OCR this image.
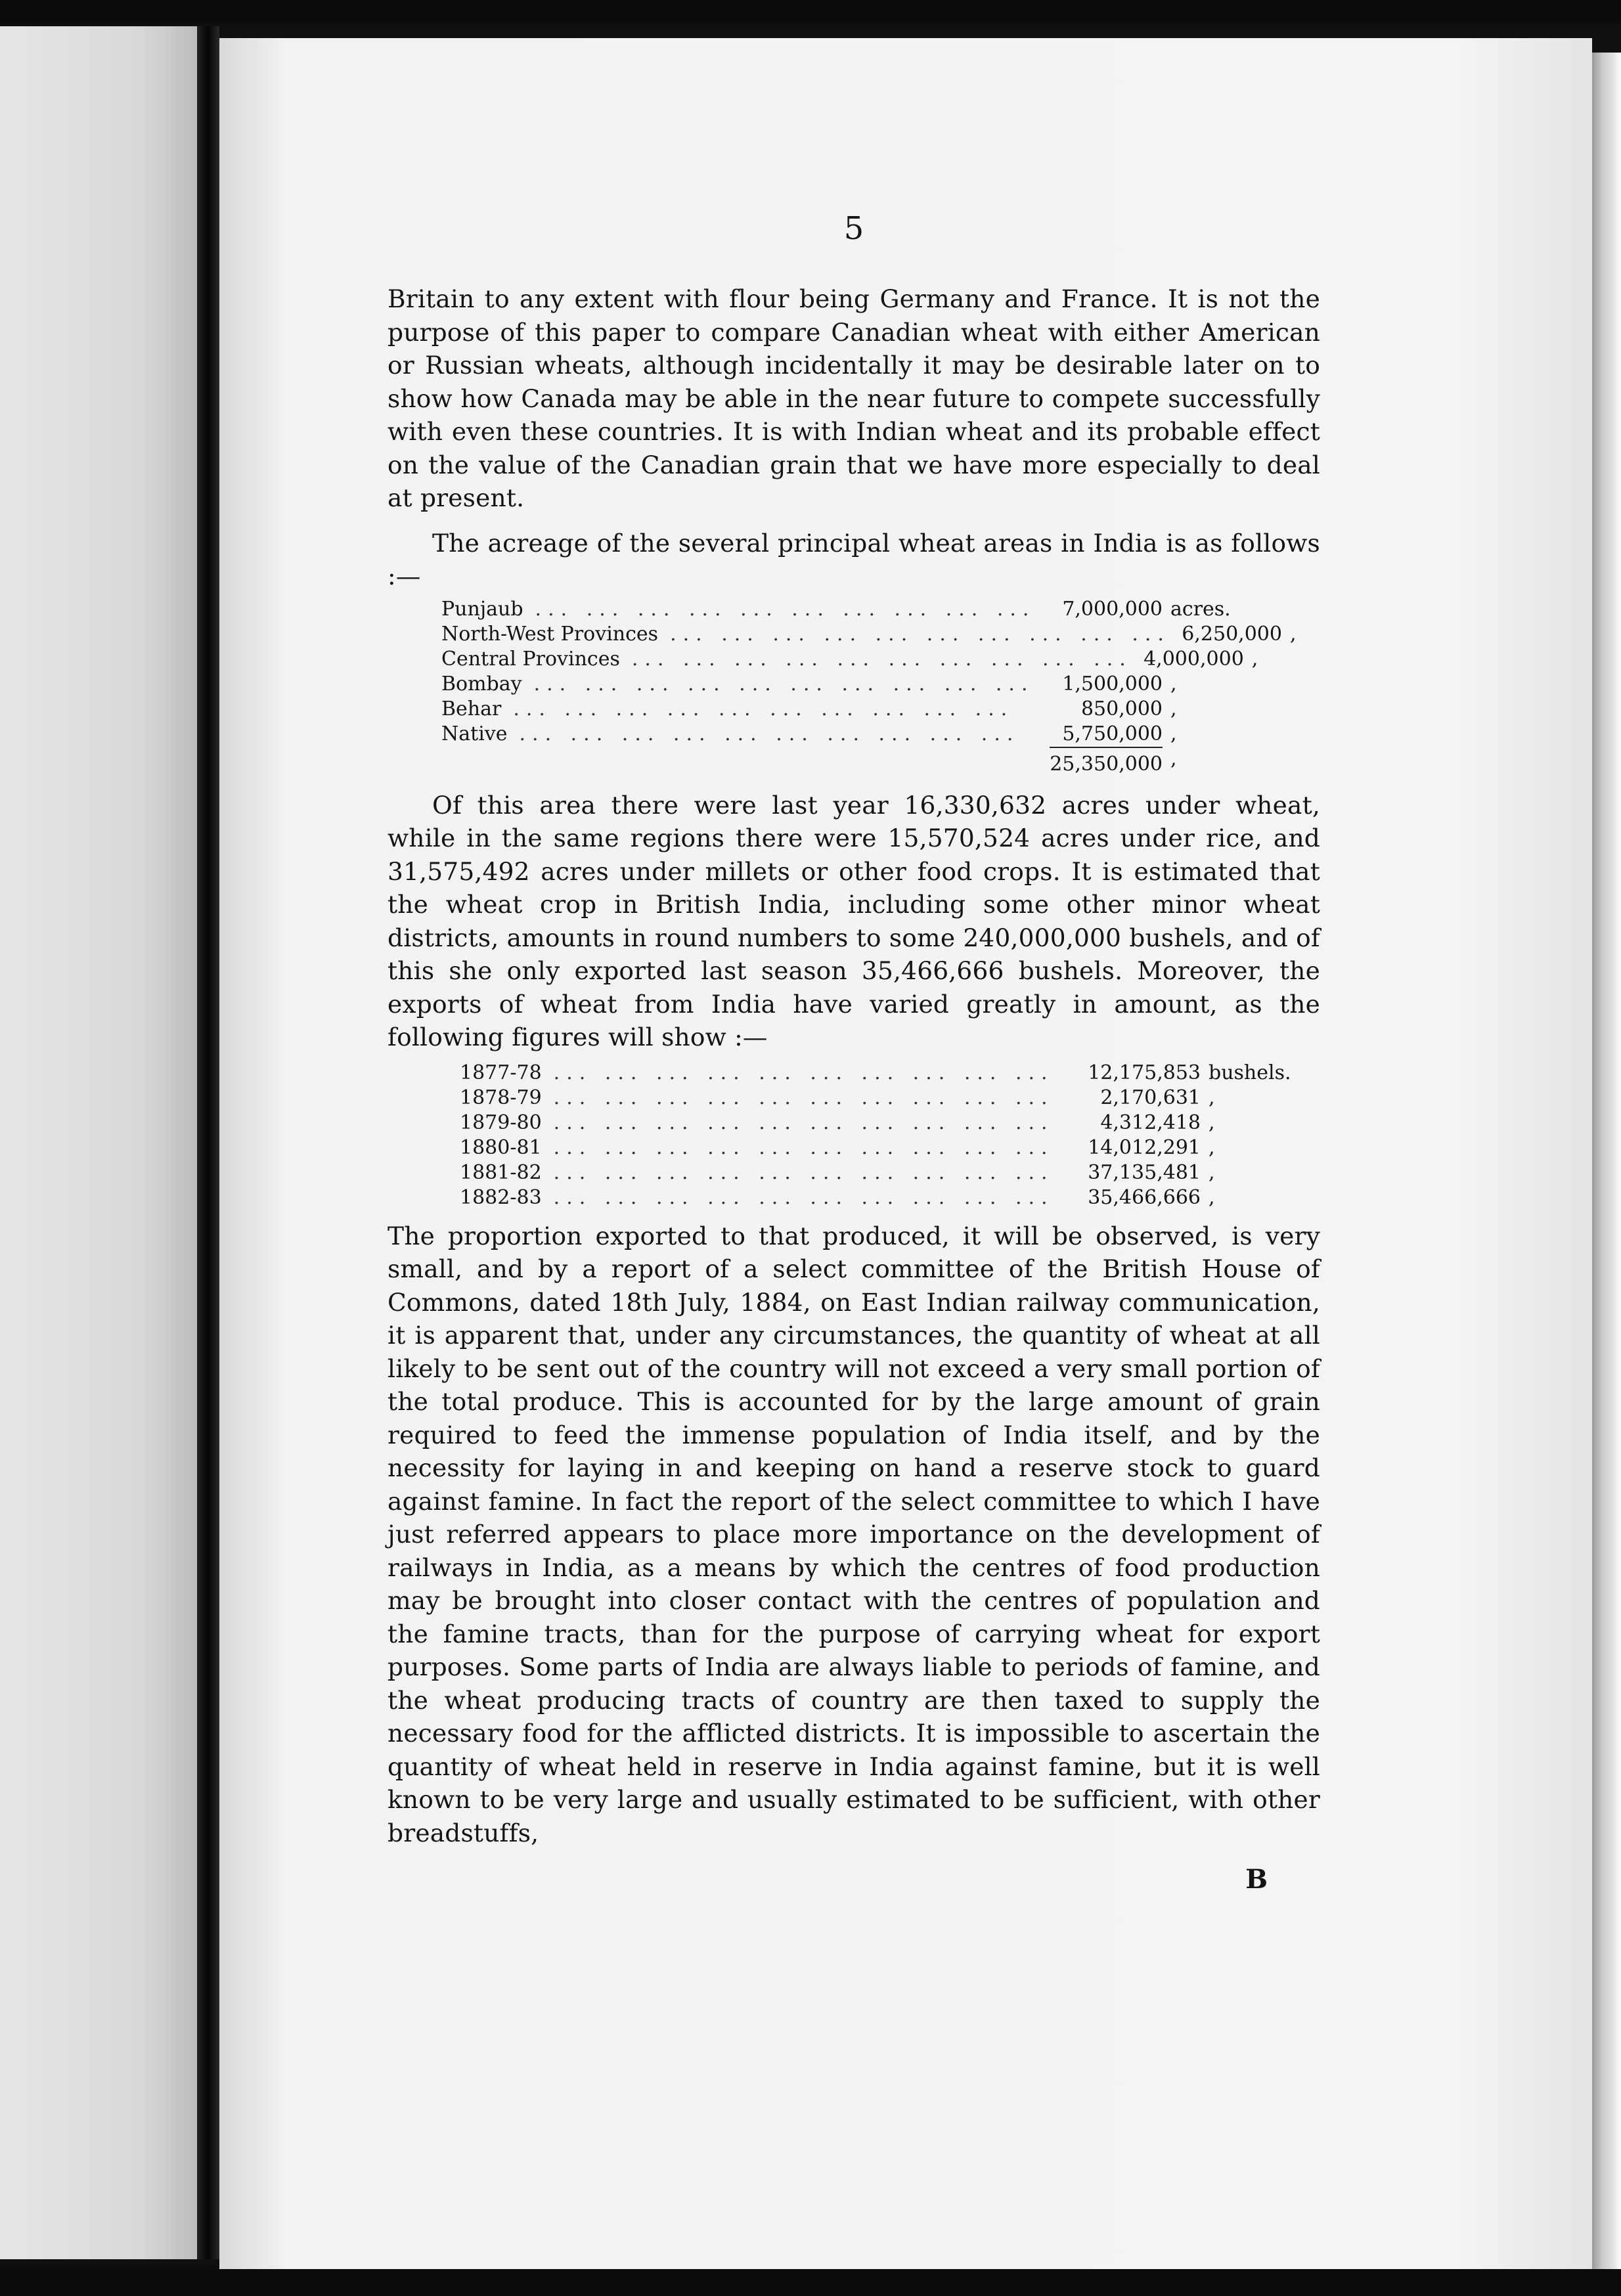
5

Britain to any extent with flour being Germany and France. It is not the purpose of this paper to compare Canadian wheat with either American or Russian wheats, although incidentally it may be desirable later on to show how Canada may be able in the near future to compete successfully with even these countries. It is with Indian wheat and its probable effect on the value of the Canadian grain that we have more especially to deal at present.

The acreage of the several principal wheat areas in India is as follows :—

Punjaub ... ... ... ... ... ... ... ... ... ...	7,000,000 acres.
North-West Provinces ... ... ... ... ... ... ... ... ... ... 6,250,000 ,
Central Provinces ... ... ... ... ... ... ... ... ... ... 4,000,000 ,
Bombay ... ... ... ... ... ... ... ... ... ...	1,500,000 ,
Behar ... ... ... ... ... ... ... ... ... ...	850,000 ,
Native ... ... ... ... ... ... ... ... ... ...	5,750,000 ,
25,350,000 ,

Of this area there were last year 16,330,632 acres under wheat, while in the same regions there were 15,570,524 acres under rice, and 31,575,492 acres under millets or other food crops. It is estimated that the wheat crop in British India, including some other minor wheat districts, amounts in round numbers to some 240,000,000 bushels, and of this she only exported last season 35,466,666 bushels. Moreover, the exports of wheat from India have varied greatly in amount, as the following figures will show :—

1877-78 ... ... ... ... ... ... ... ... ... ...	12,175,853 bushels.
1878-79 ... ... ... ... ... ... ... ... ... ...	2,170,631 ,
1879-80 ... ... ... ... ... ... ... ... ... ...	4,312,418 ,
1880-81 ... ... ... ... ... ... ... ... ... ...	14,012,291 ,
1881-82 ... ... ... ... ... ... ... ... ... ...	37,135,481 ,
1882-83 ... ... ... ... ... ... ... ... ... ...	35,466,666 ,

The proportion exported to that produced, it will be observed, is very small, and by a report of a select committee of the British House of Commons, dated 18th July, 1884, on East Indian railway communication, it is apparent that, under any circumstances, the quantity of wheat at all likely to be sent out of the country will not exceed a very small portion of the total produce. This is accounted for by the large amount of grain required to feed the immense population of India itself, and by the necessity for laying in and keeping on hand a reserve stock to guard against famine. In fact the report of the select committee to which I have just referred appears to place more importance on the development of railways in India, as a means by which the centres of food production may be brought into closer contact with the centres of population and the famine tracts, than for the purpose of carrying wheat for export purposes. Some parts of India are always liable to periods of famine, and the wheat producing tracts of country are then taxed to supply the necessary food for the afflicted districts. It is impossible to ascertain the quantity of wheat held in reserve in India against famine, but it is well known to be very large and usually estimated to be sufficient, with other breadstuffs,

B
